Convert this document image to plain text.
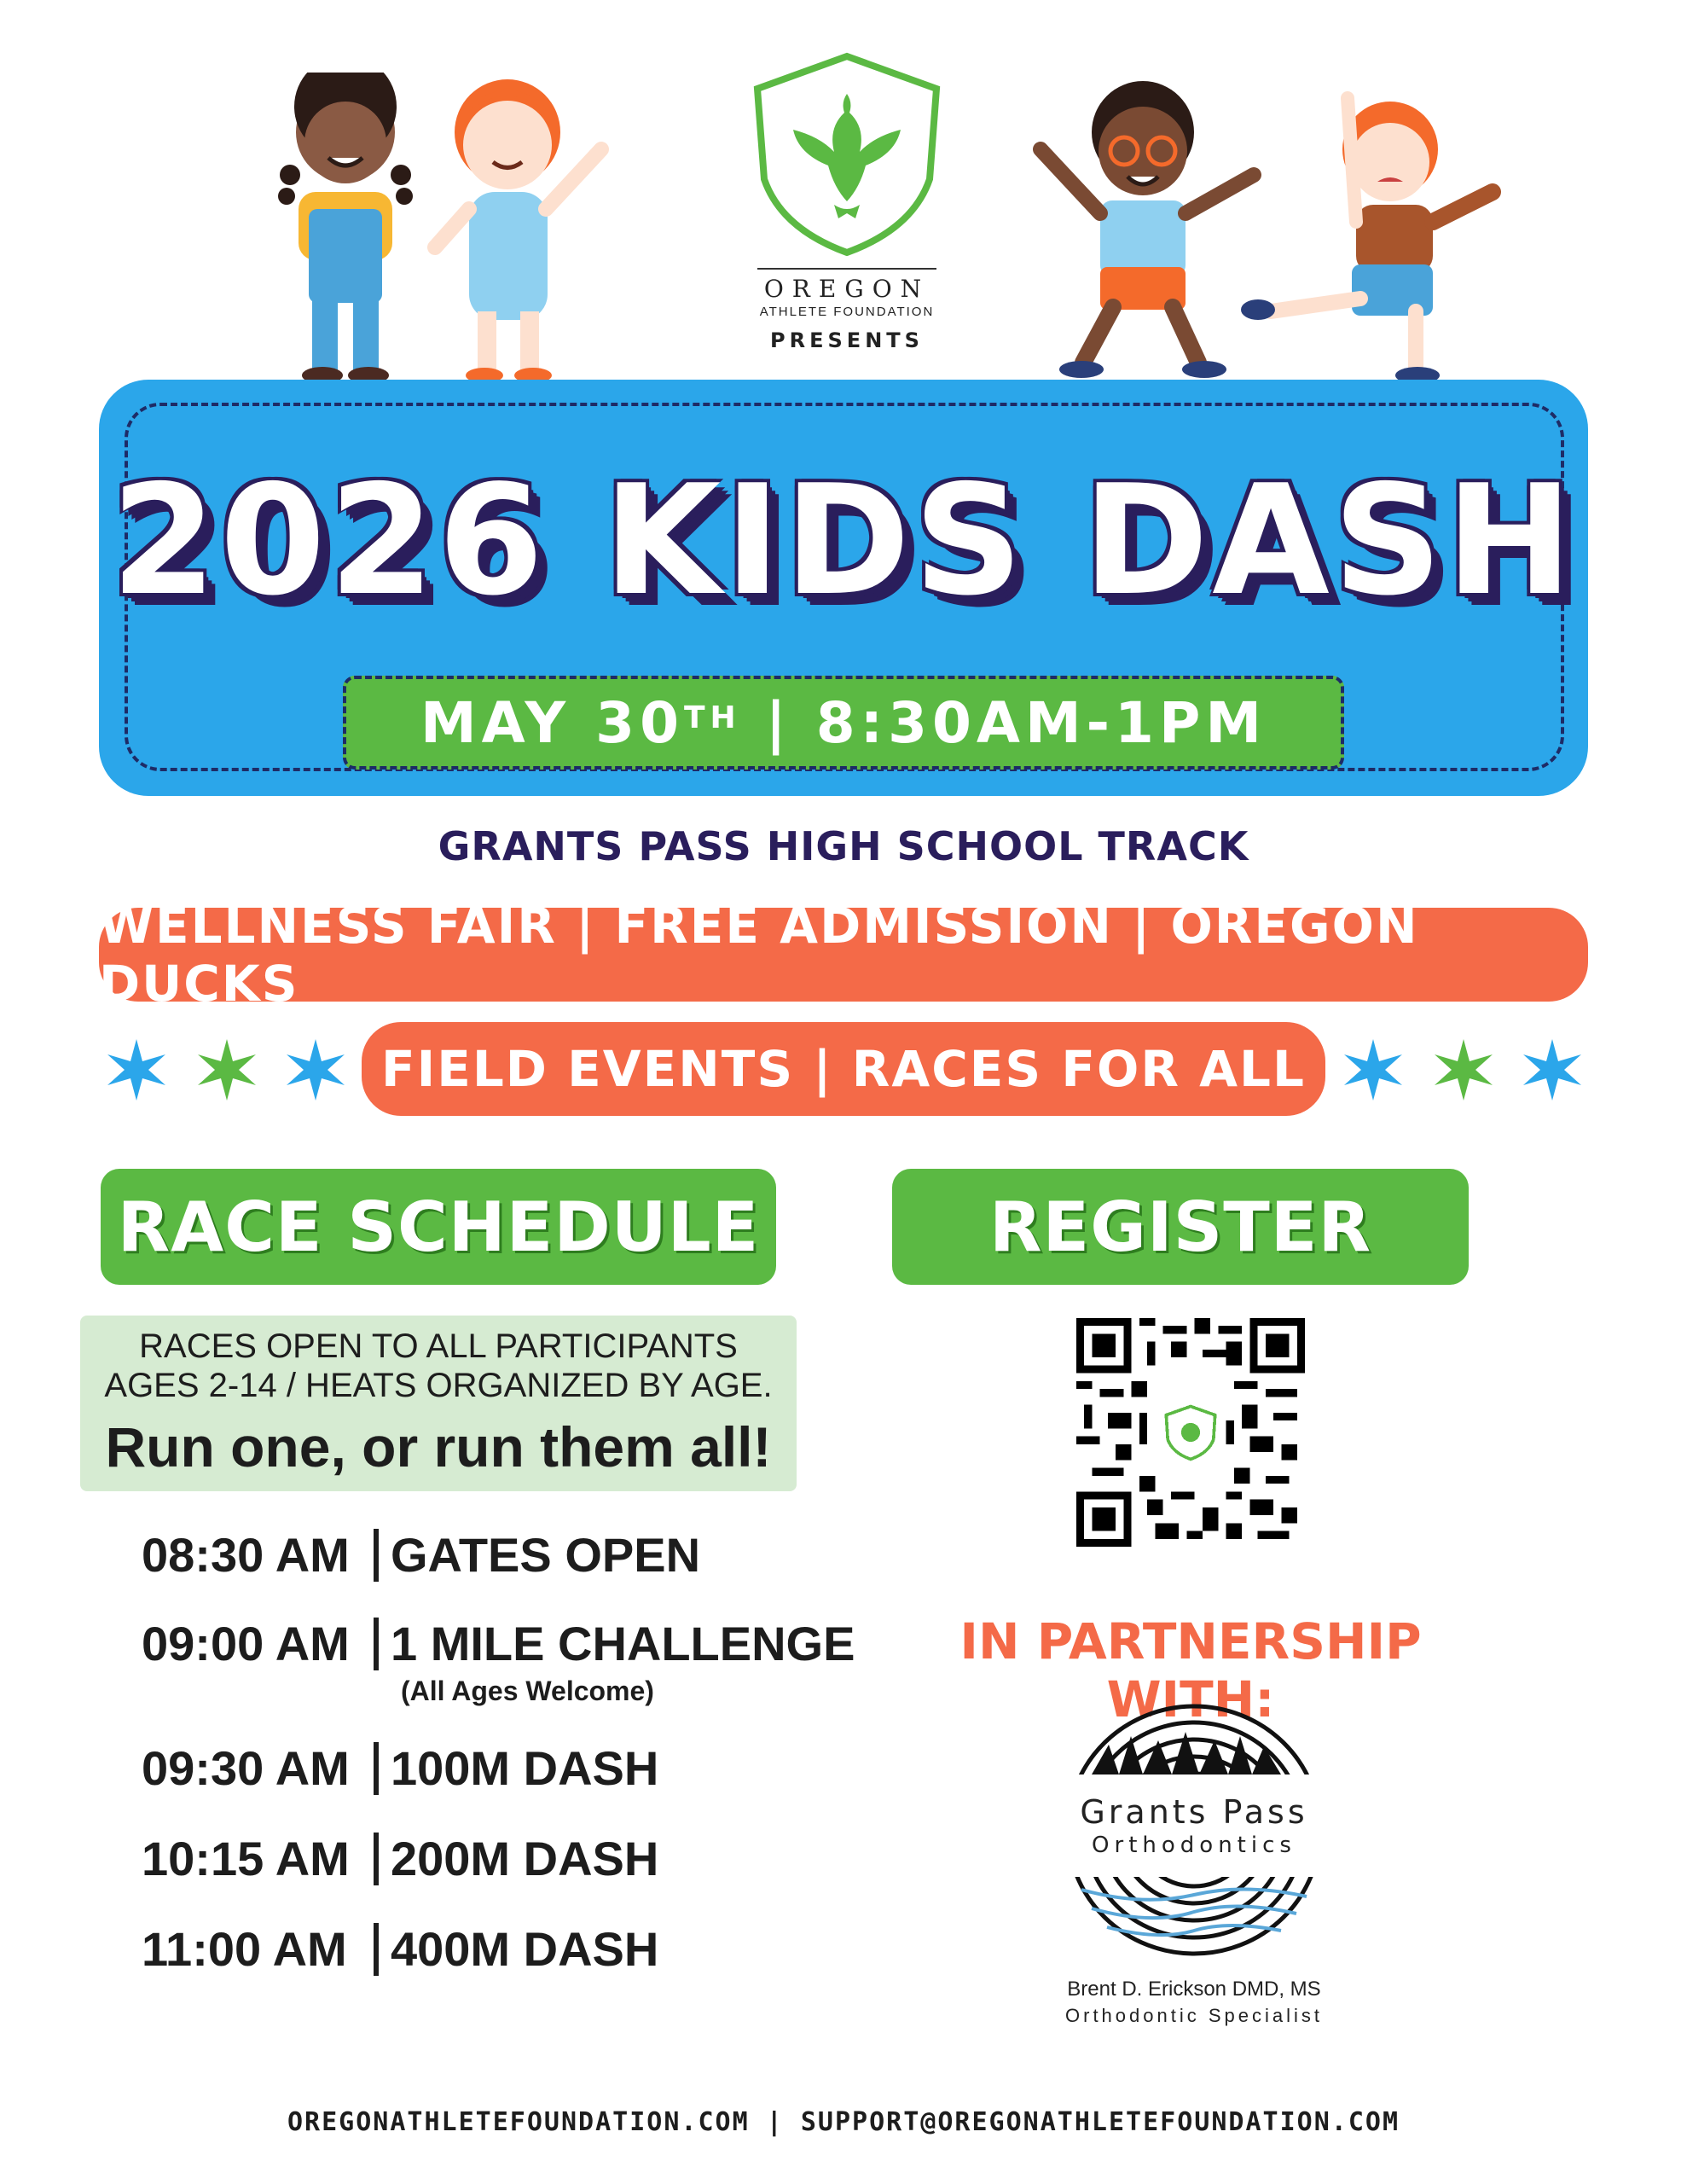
OREGON
ATHLETE FOUNDATION
PRESENTS
2026 KIDS DASH
MAY 30TH | 8:30AM-1PM
GRANTS PASS HIGH SCHOOL TRACK
WELLNESS FAIR | FREE ADMISSION | OREGON DUCKS
FIELD EVENTS | RACES FOR ALL
RACE SCHEDULE	REGISTER
RACES OPEN TO ALL PARTICIPANTS
AGES 2-14 / HEATS ORGANIZED BY AGE.
Run one, or run them all!
08:30 AM GATES OPEN
09:00 AM 1 MILE CHALLENGE
(All Ages Welcome)
09:30 AM 100M DASH
10:15 AM 200M DASH
11:00 AM 400M DASH
IN PARTNERSHIP WITH:
Grants Pass
Orthodontics
Brent D. Erickson DMD, MS
Orthodontic Specialist
OREGONATHLETEFOUNDATION.COM | SUPPORT@OREGONATHLETEFOUNDATION.COM
